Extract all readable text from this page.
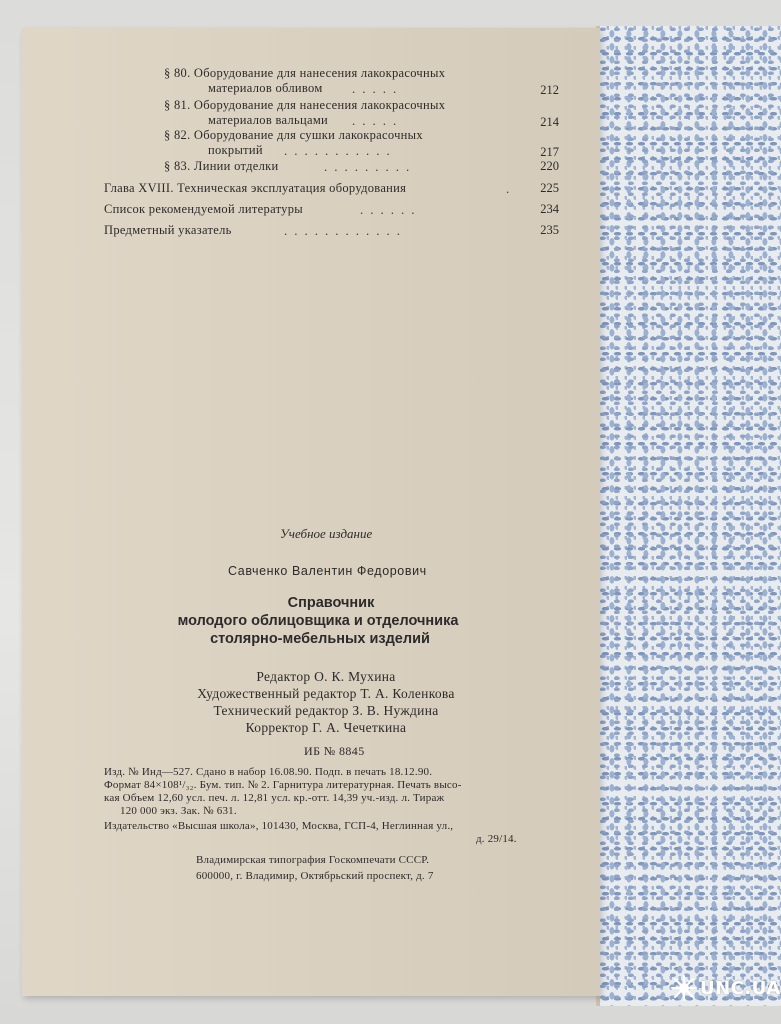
§ 80. Оборудование для нанесения лакокрасочных
материалов обливом .....	212
§ 81. Оборудование для нанесения лакокрасочных
материалов вальцами .....	214
§ 82. Оборудование для сушки лакокрасочных
покрытий ...........	217
§ 83. Линии отделки	.........	220
Глава XVIII. Техническая эксплуатация оборудования	.	225
Список рекомендуемой литературы	......	234
Предметный указатель	............	235
Учебное издание
Савченко Валентин Федорович
Справочник
молодого облицовщика и отделочника
столярно-мебельных изделий
Редактор О. К. Мухина
Художественный редактор Т. А. Коленкова
Технический редактор З. В. Нуждина
Корректор Г. А. Чечеткина
ИБ № 8845
Изд. № Инд—527. Сдано в набор 16.08.90. Подп. в печать 18.12.90.
Формат 84×108¹/₃₂. Бум. тип. № 2. Гарнитура литературная. Печать высо-
кая Объем 12,60 усл. печ. л. 12,81 усл. кр.-отт. 14,39 уч.-изд. л. Тираж
120 000 экз. Зак. № 631.
Издательство «Высшая школа», 101430, Москва, ГСП-4, Неглинная ул.,
д. 29/14.
Владимирская типография Госкомпечати СССР.
600000, г. Владимир, Октябрьский проспект, д. 7
UNC.UA
